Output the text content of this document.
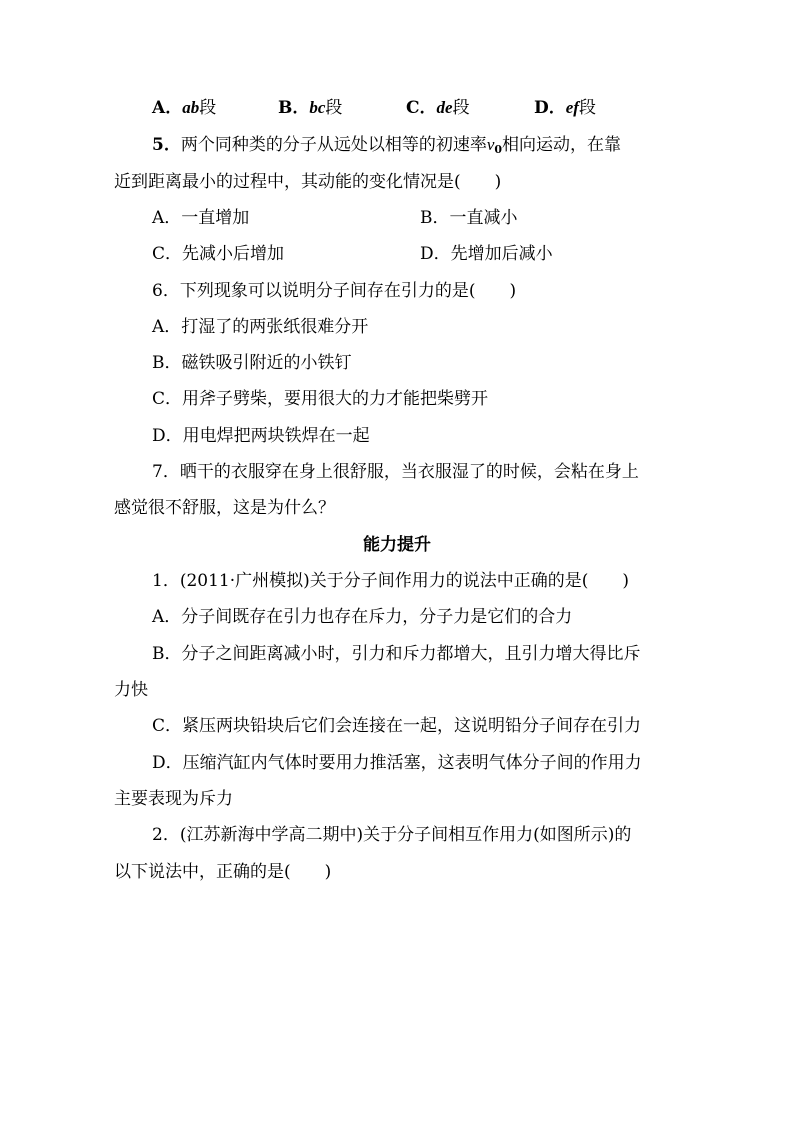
A．ab段	B．bc段	C．de段	D．ef段
5．两个同种类的分子从远处以相等的初速率$v_0$相向运动，在靠
近到距离最小的过程中，其动能的变化情况是(　　)
A．一直增加	B．一直减小
C．先减小后增加	D．先增加后减小
6．下列现象可以说明分子间存在引力的是(　　)
A．打湿了的两张纸很难分开
B．磁铁吸引附近的小铁钉
C．用斧子劈柴，要用很大的力才能把柴劈开
D．用电焊把两块铁焊在一起
7．晒干的衣服穿在身上很舒服，当衣服湿了的时候，会粘在身上
感觉很不舒服，这是为什么？
能力提升
1．(2011·广州模拟)关于分子间作用力的说法中正确的是(　　)
A．分子间既存在引力也存在斥力，分子力是它们的合力
B．分子之间距离减小时，引力和斥力都增大，且引力增大得比斥
力快
C．紧压两块铅块后它们会连接在一起，这说明铅分子间存在引力
D．压缩汽缸内气体时要用力推活塞，这表明气体分子间的作用力
主要表现为斥力
2．(江苏新海中学高二期中)关于分子间相互作用力(如图所示)的
以下说法中，正确的是(　　)
